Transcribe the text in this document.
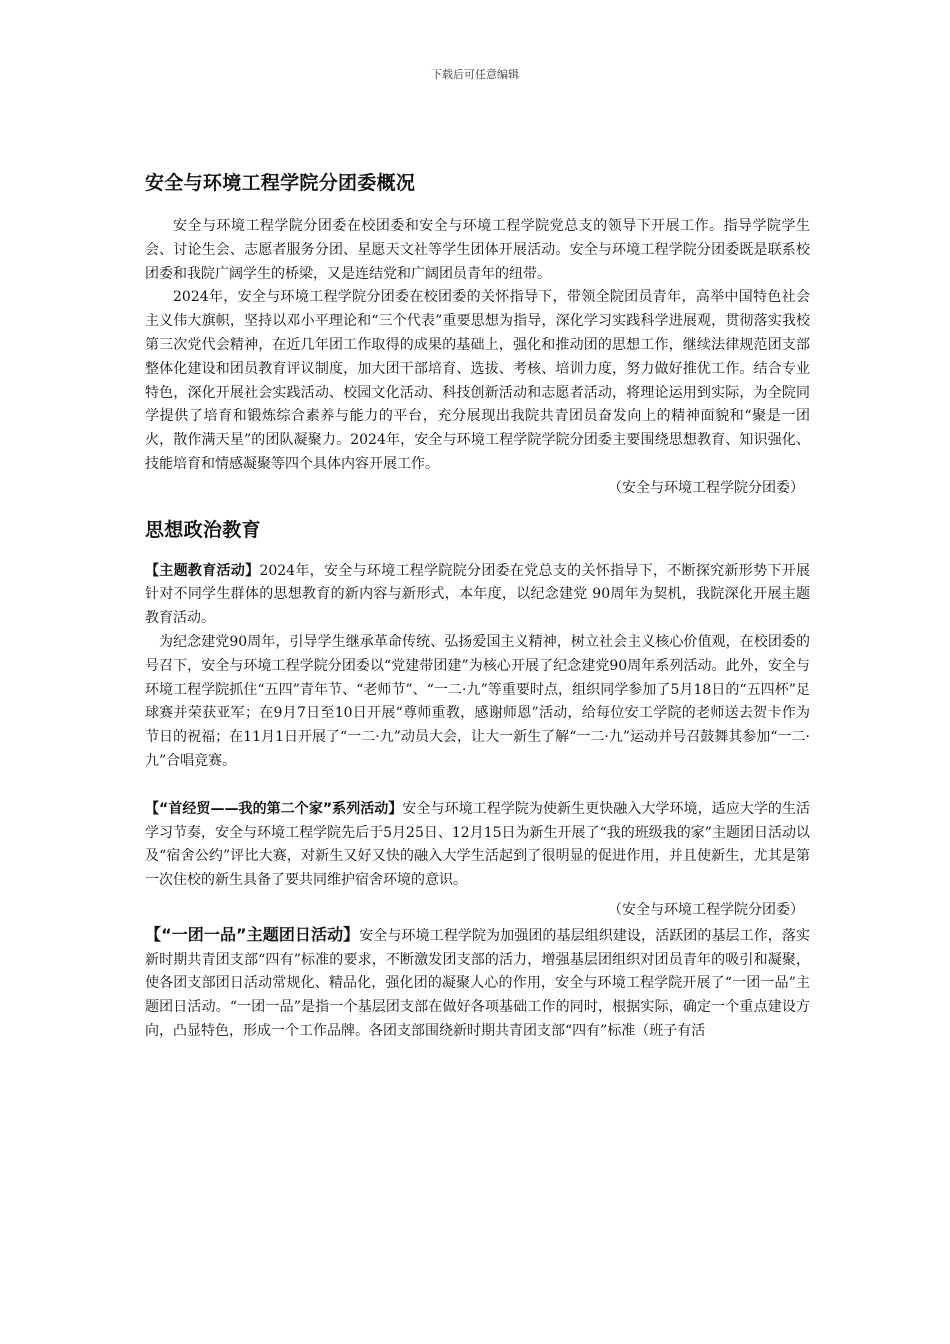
下载后可任意编辑
安全与环境工程学院分团委概况

安全与环境工程学院分团委在校团委和安全与环境工程学院党总支的领导下开展工作。指导学院学生会、讨论生会、志愿者服务分团、星愿天文社等学生团体开展活动。安全与环境工程学院分团委既是联系校团委和我院广阔学生的桥梁，又是连结党和广阔团员青年的纽带。

2024年，安全与环境工程学院分团委在校团委的关怀指导下，带领全院团员青年，高举中国特色社会主义伟大旗帜，坚持以邓小平理论和“三个代表”重要思想为指导，深化学习实践科学进展观，贯彻落实我校第三次党代会精神，在近几年团工作取得的成果的基础上，强化和推动团的思想工作，继续法律规范团支部整体化建设和团员教育评议制度，加大团干部培育、选拔、考核、培训力度，努力做好推优工作。结合专业特色，深化开展社会实践活动、校园文化活动、科技创新活动和志愿者活动，将理论运用到实际，为全院同学提供了培育和锻炼综合素养与能力的平台，充分展现出我院共青团员奋发向上的精神面貌和“聚是一团火，散作满天星”的团队凝聚力。2024年，安全与环境工程学院学院分团委主要围绕思想教育、知识强化、技能培育和情感凝聚等四个具体内容开展工作。

（安全与环境工程学院分团委）

思想政治教育

【主题教育活动】2024年，安全与环境工程学院院分团委在党总支的关怀指导下，不断探究新形势下开展针对不同学生群体的思想教育的新内容与新形式，本年度，以纪念建党 90周年为契机，我院深化开展主题教育活动。

为纪念建党90周年，引导学生继承革命传统、弘扬爱国主义精神，树立社会主义核心价值观，在校团委的号召下，安全与环境工程学院分团委以“党建带团建”为核心开展了纪念建党90周年系列活动。此外，安全与环境工程学院抓住“五四”青年节、“老师节”、“一二·九”等重要时点，组织同学参加了5月18日的“五四杯”足球赛并荣获亚军；在9月7日至10日开展“尊师重教，感谢师恩”活动，给每位安工学院的老师送去贺卡作为节日的祝福；在11月1日开展了“一二·九”动员大会，让大一新生了解“一二·九”运动并号召鼓舞其参加“一二·九”合唱竞赛。

【“首经贸——我的第二个家”系列活动】安全与环境工程学院为使新生更快融入大学环境，适应大学的生活学习节奏，安全与环境工程学院先后于5月25日、12月15日为新生开展了“我的班级我的家”主题团日活动以及“宿舍公约”评比大赛，对新生又好又快的融入大学生活起到了很明显的促进作用，并且使新生，尤其是第一次住校的新生具备了要共同维护宿舍环境的意识。

（安全与环境工程学院分团委）

【“一团一品”主题团日活动】安全与环境工程学院为加强团的基层组织建设，活跃团的基层工作，落实新时期共青团支部“四有”标准的要求，不断激发团支部的活力，增强基层团组织对团员青年的吸引和凝聚，使各团支部团日活动常规化、精品化，强化团的凝聚人心的作用，安全与环境工程学院开展了“一团一品”主题团日活动。“一团一品”是指一个基层团支部在做好各项基础工作的同时，根据实际，确定一个重点建设方向，凸显特色，形成一个工作品牌。各团支部围绕新时期共青团支部“四有”标准（班子有活
